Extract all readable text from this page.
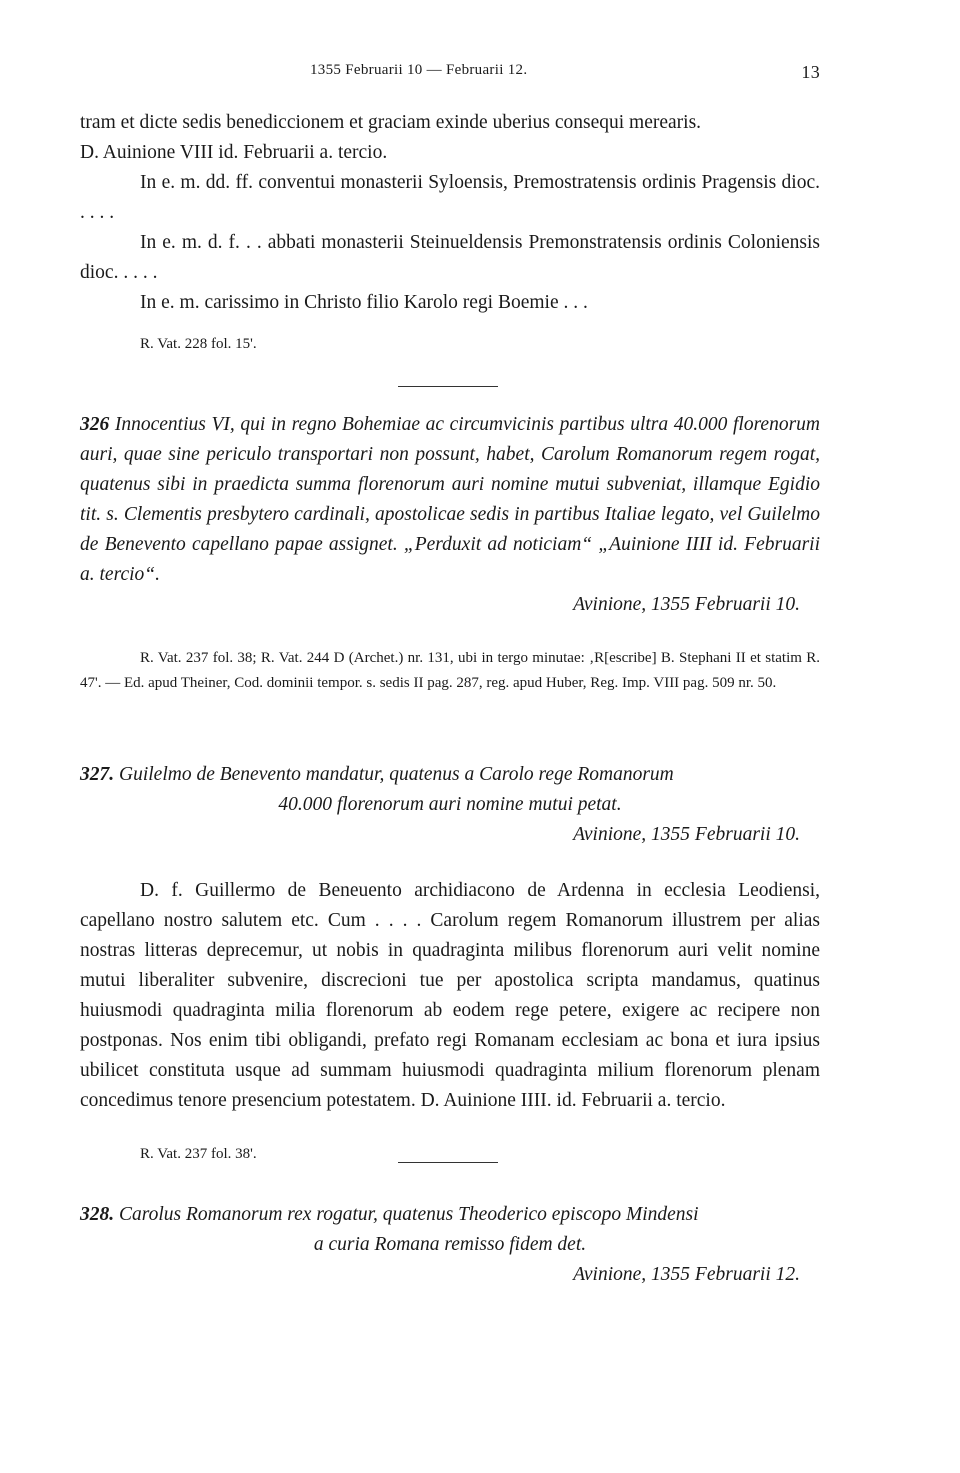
1355 Februarii 10 — Februarii 12.	13

tram et dicte sedis benediccionem et graciam exinde uberius consequi merearis.

D. Auinione VIII id. Februarii a. tercio.

In e. m. dd. ff. conventui monasterii Syloensis, Premostratensis ordinis Pragensis dioc. . . . .

In e. m. d. f. . . abbati monasterii Steinueldensis Premonstratensis ordinis Coloniensis dioc. . . . .

In e. m. carissimo in Christo filio Karolo regi Boemie . . .

R. Vat. 228 fol. 15'.

326 Innocentius VI, qui in regno Bohemiae ac circumvicinis partibus ultra 40.000 florenorum auri, quae sine periculo transportari non possunt, habet, Carolum Romanorum regem rogat, quatenus sibi in praedicta summa florenorum auri nomine mutui subveniat, illamque Egidio tit. s. Clementis presbytero cardinali, apostolicae sedis in partibus Italiae legato, vel Guilelmo de Benevento capellano papae assignet. „Perduxit ad noticiam“ „Auinione IIII id. Februarii a. tercio“.

Avinione, 1355 Februarii 10.

R. Vat. 237 fol. 38; R. Vat. 244 D (Archet.) nr. 131, ubi in tergo minutae: ‚R[escribe] B. Stephani II et statim R. 47'. — Ed. apud Theiner, Cod. dominii tempor. s. sedis II pag. 287, reg. apud Huber, Reg. Imp. VIII pag. 509 nr. 50.

327. Guilelmo de Benevento mandatur, quatenus a Carolo rege Romanorum

40.000 florenorum auri nomine mutui petat.

Avinione, 1355 Februarii 10.

D. f. Guillermo de Beneuento archidiacono de Ardenna in ecclesia Leodiensi, capellano nostro salutem etc. Cum . . . . Carolum regem Romanorum illustrem per alias nostras litteras deprecemur, ut nobis in quadraginta milibus florenorum auri velit nomine mutui liberaliter subvenire, discrecioni tue per apostolica scripta mandamus, quatinus huiusmodi quadraginta milia florenorum ab eodem rege petere, exigere ac recipere non postponas. Nos enim tibi obligandi, prefato regi Romanam ecclesiam ac bona et iura ipsius ubilicet constituta usque ad summam huiusmodi quadraginta milium florenorum plenam concedimus tenore presencium potestatem. D. Auinione IIII. id. Februarii a. tercio.

R. Vat. 237 fol. 38'.

328. Carolus Romanorum rex rogatur, quatenus Theoderico episcopo Mindensi

a curia Romana remisso fidem det.

Avinione, 1355 Februarii 12.
